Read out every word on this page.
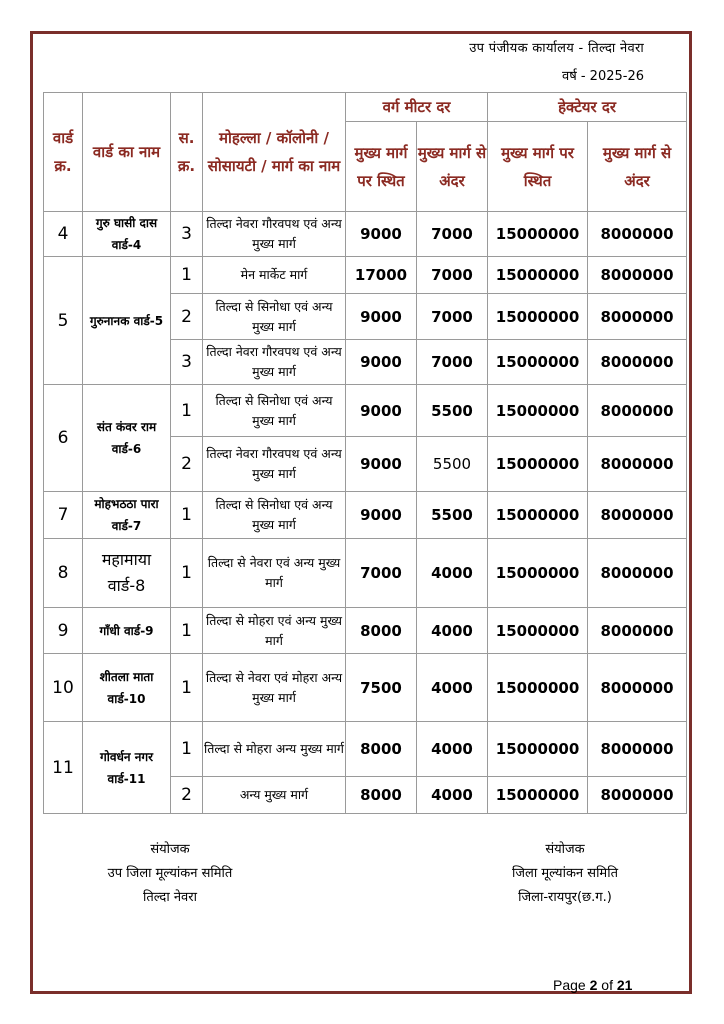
उप पंजीयक कार्यालय - तिल्दा नेवरा
वर्ष - 2025-26
वार्ड क्र.	वार्ड का नाम	स. क्र.	मोहल्ला / कॉलोनी / सोसायटी / मार्ग का नाम	वर्ग मीटर दर		हेक्टेयर दर	
				मुख्य मार्ग पर स्थित	मुख्य मार्ग से अंदर	मुख्य मार्ग पर स्थित	मुख्य मार्ग से अंदर
4	गुरु घासी दास वार्ड-4	3	तिल्दा नेवरा गौरवपथ एवं अन्य मुख्य मार्ग	9000	7000	15000000	8000000
5	गुरुनानक वार्ड-5	1	मेन मार्केट मार्ग	17000	7000	15000000	8000000
		2	तिल्दा से सिनोधा एवं अन्य मुख्य मार्ग	9000	7000	15000000	8000000
		3	तिल्दा नेवरा गौरवपथ एवं अन्य मुख्य मार्ग	9000	7000	15000000	8000000
6	संत कंवर राम वार्ड-6	1	तिल्दा से सिनोधा एवं अन्य मुख्य मार्ग	9000	5500	15000000	8000000
		2	तिल्दा नेवरा गौरवपथ एवं अन्य मुख्य मार्ग	9000	5500	15000000	8000000
7	मोहभठठा पारा वार्ड-7	1	तिल्दा से सिनोधा एवं अन्य मुख्य मार्ग	9000	5500	15000000	8000000
8	महामाया वार्ड-8	1	तिल्दा से नेवरा एवं अन्य मुख्य मार्ग	7000	4000	15000000	8000000
9	गाँधी वार्ड-9	1	तिल्दा से मोहरा एवं अन्य मुख्य मार्ग	8000	4000	15000000	8000000
10	शीतला माता वार्ड-10	1	तिल्दा से नेवरा एवं मोहरा अन्य मुख्य मार्ग	7500	4000	15000000	8000000
11	गोवर्धन नगर वार्ड-11	1	तिल्दा से मोहरा अन्य मुख्य मार्ग	8000	4000	15000000	8000000
		2	अन्य मुख्य मार्ग	8000	4000	15000000	8000000
संयोजक
उप जिला मूल्यांकन समिति
तिल्दा नेवरा
संयोजक
जिला मूल्यांकन समिति
जिला-रायपुर(छ.ग.)
Page 2 of 21
